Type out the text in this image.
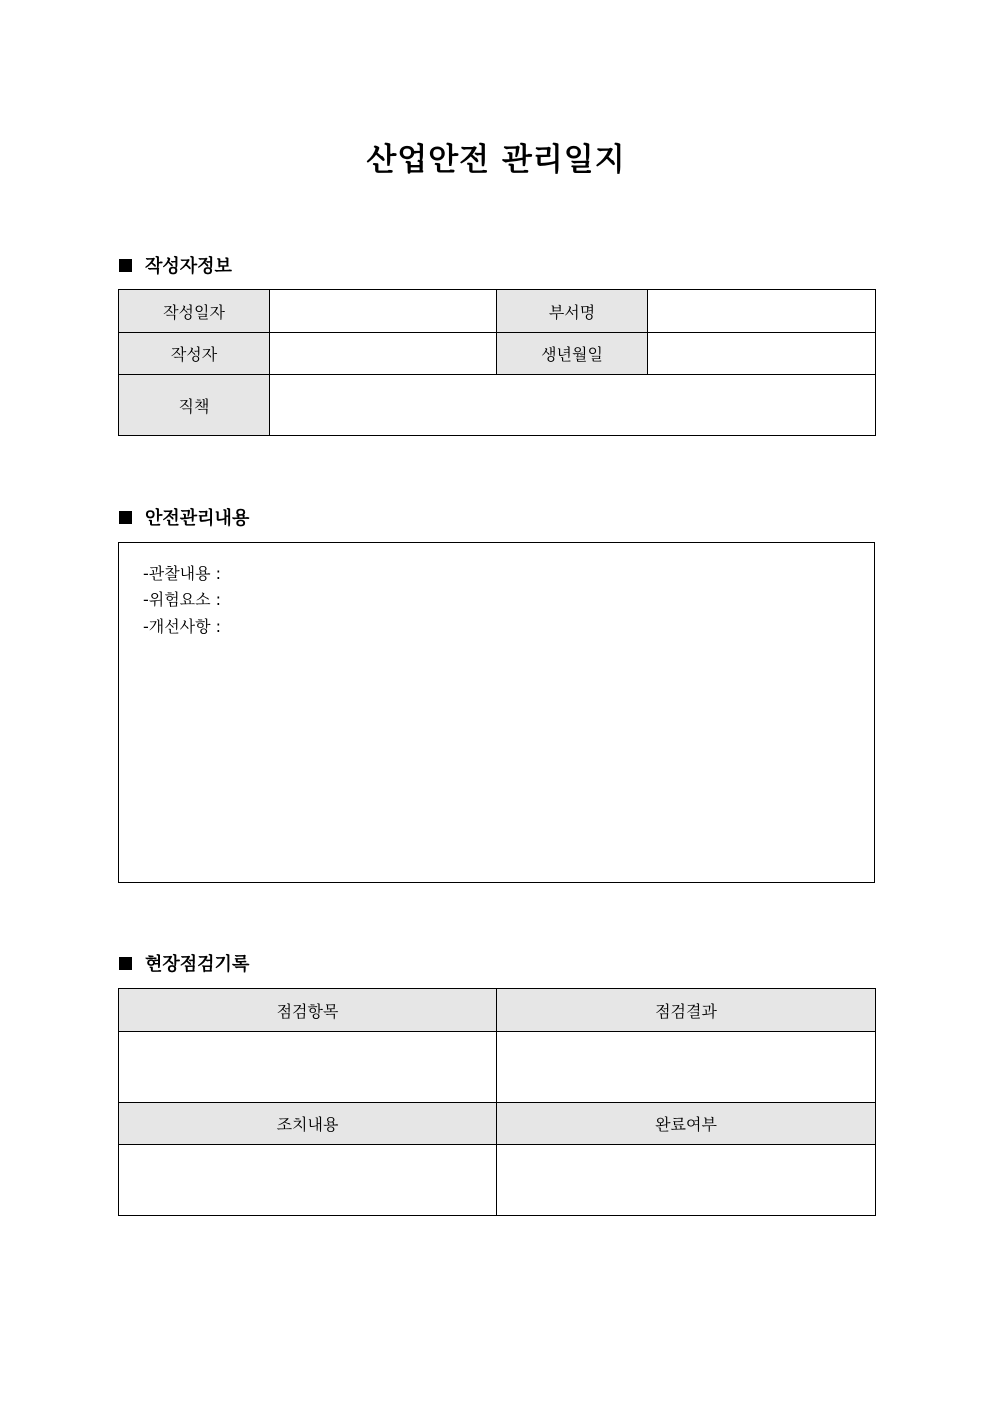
산업안전 관리일지
작성자정보
작성일자		부서명	
작성자		생년월일	
직책			
안전관리내용
-관찰내용 :
-위험요소 :
-개선사항 :
현장점검기록
점검항목	점검결과

조치내용	완료여부
